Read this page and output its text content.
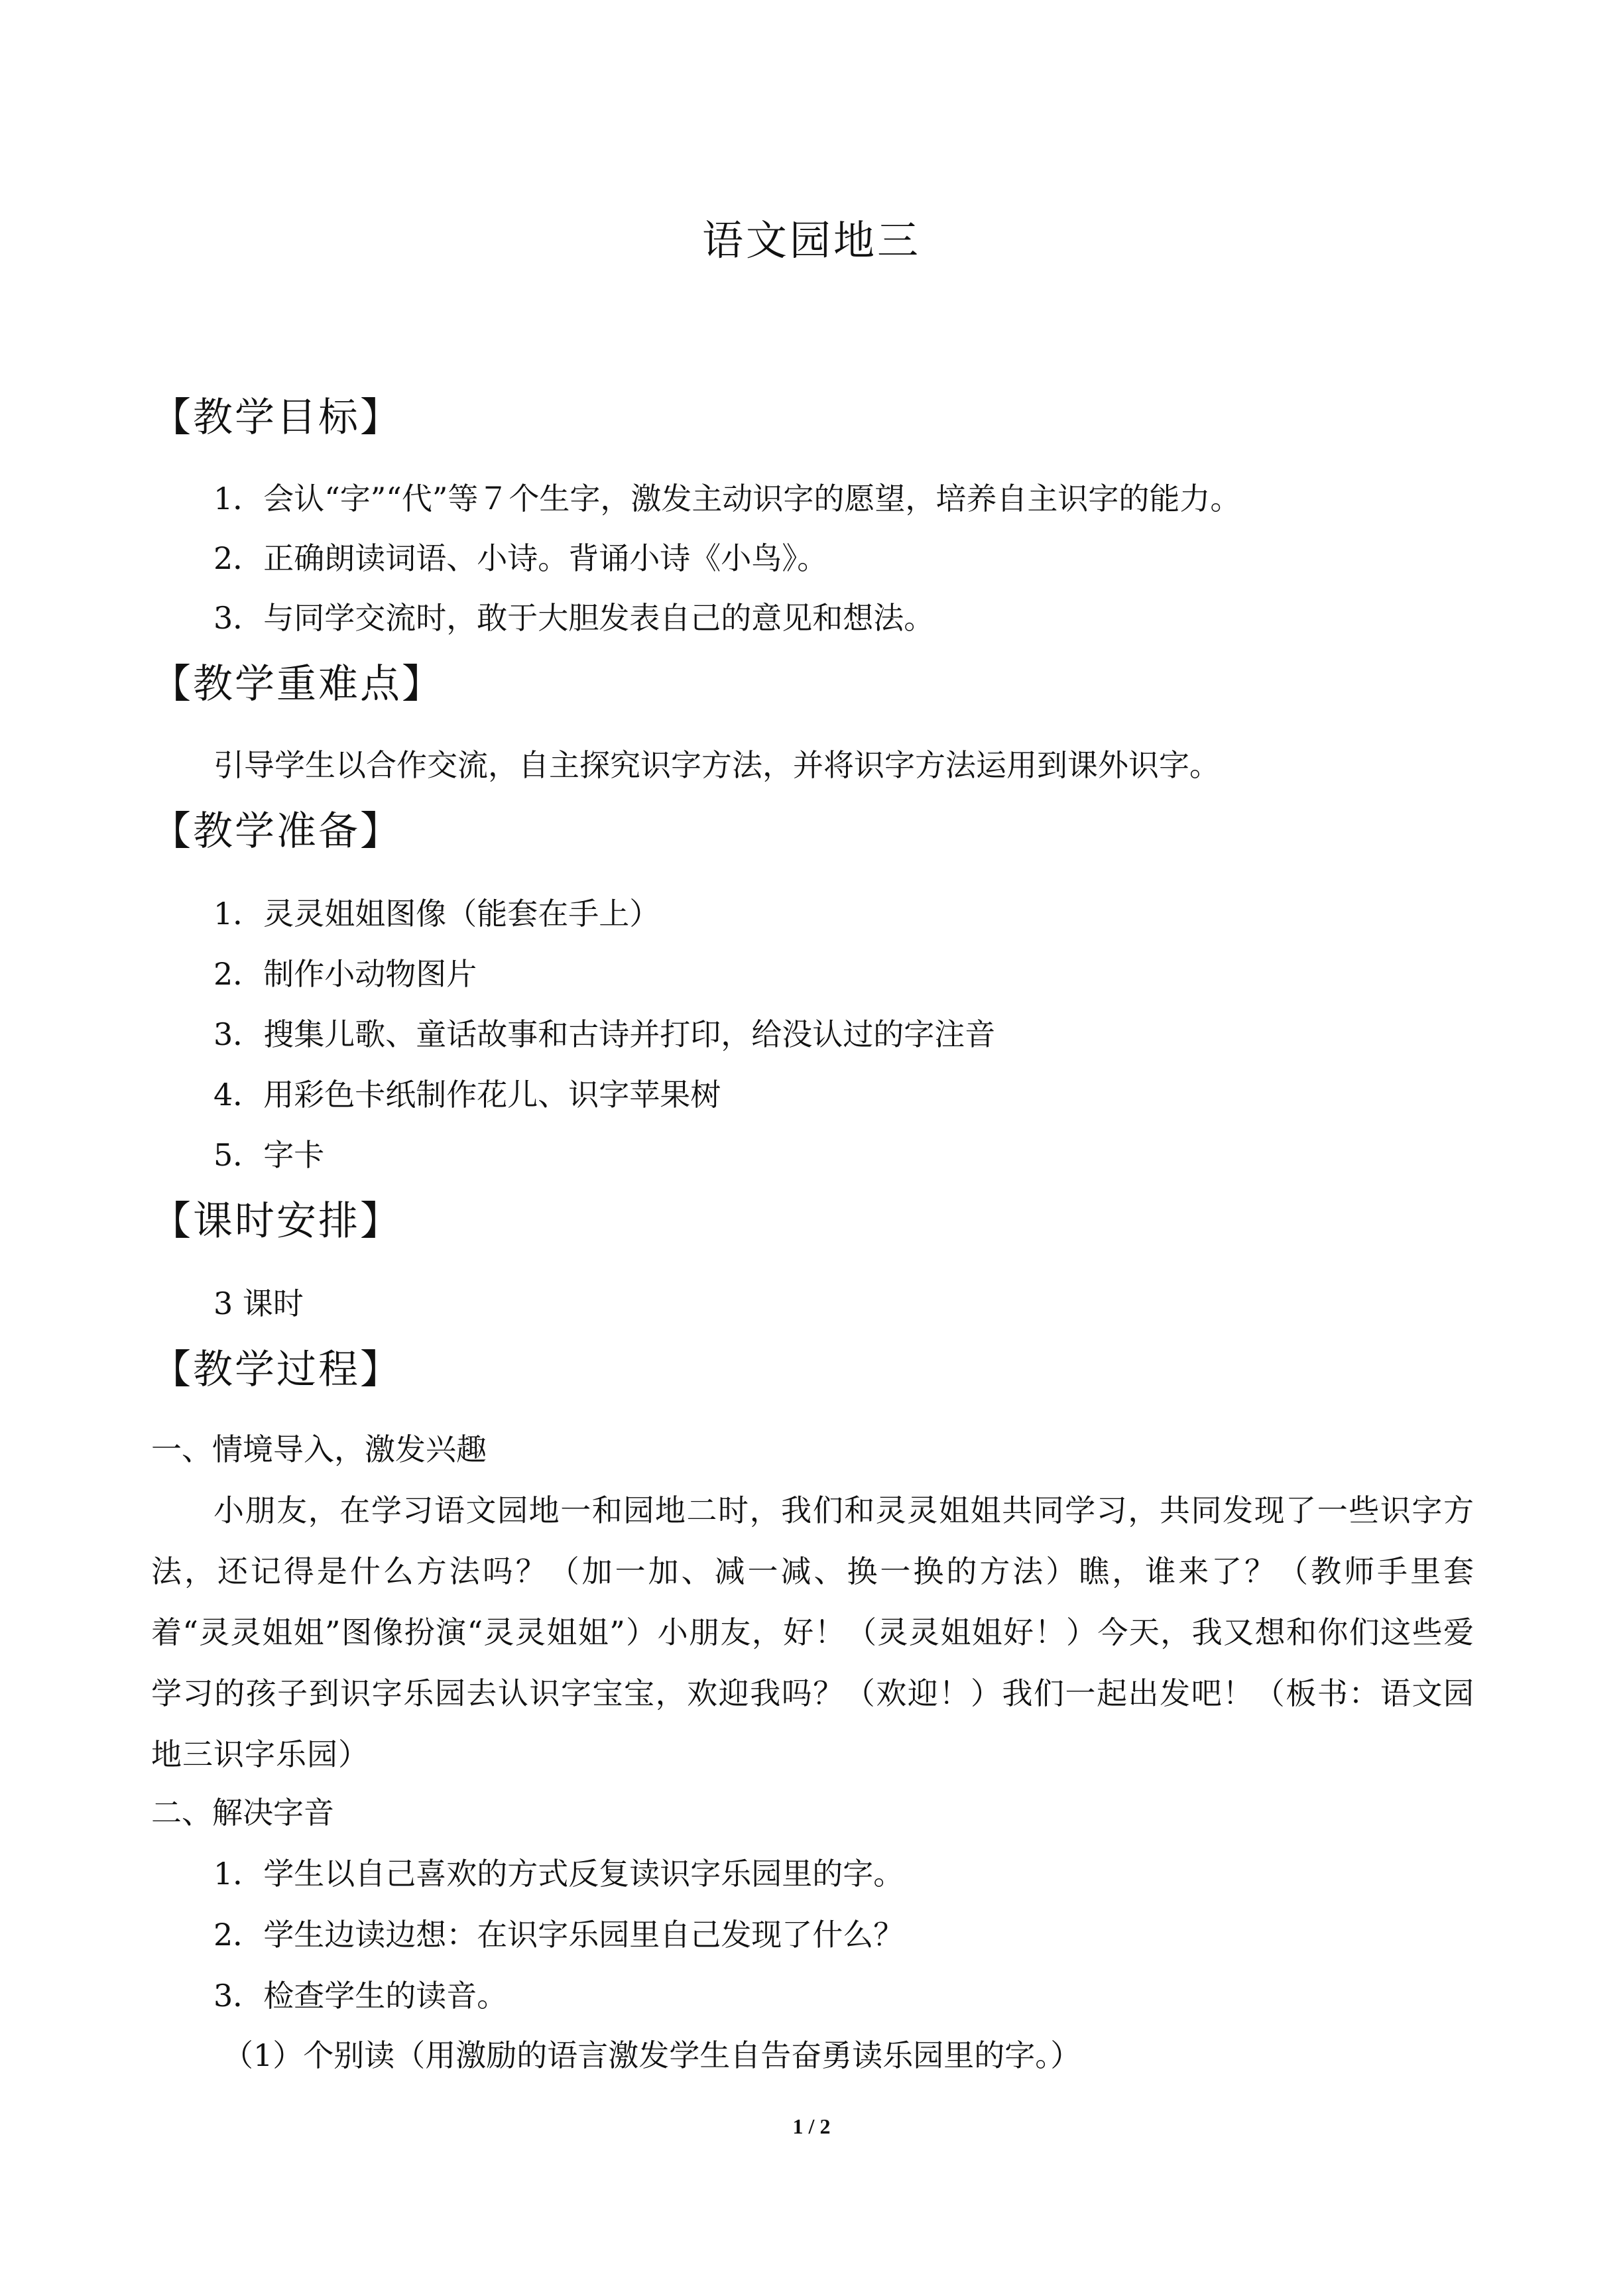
语文园地三
【教学目标】
1．会认“字”“代”等７个生字，激发主动识字的愿望，培养自主识字的能力。
2．正确朗读词语、小诗。背诵小诗《小鸟》。
3．与同学交流时，敢于大胆发表自己的意见和想法。
【教学重难点】
引导学生以合作交流，自主探究识字方法，并将识字方法运用到课外识字。
【教学准备】
1．灵灵姐姐图像（能套在手上）
2．制作小动物图片
3．搜集儿歌、童话故事和古诗并打印，给没认过的字注音
4．用彩色卡纸制作花儿、识字苹果树
5．字卡
【课时安排】
3 课时
【教学过程】
一、情境导入，激发兴趣
小朋友，在学习语文园地一和园地二时，我们和灵灵姐姐共同学习，共同发现了一些识字方法，还记得是什么方法吗？（加一加、减一减、换一换的方法）瞧，谁来了？（教师手里套着“灵灵姐姐”图像扮演“灵灵姐姐”）小朋友，好！（灵灵姐姐好！）今天，我又想和你们这些爱学习的孩子到识字乐园去认识字宝宝，欢迎我吗？（欢迎！）我们一起出发吧！（板书：语文园地三识字乐园）
二、解决字音
1．学生以自己喜欢的方式反复读识字乐园里的字。
2．学生边读边想：在识字乐园里自己发现了什么？
3．检查学生的读音。
（1）个别读（用激励的语言激发学生自告奋勇读乐园里的字。）
1 / 2
